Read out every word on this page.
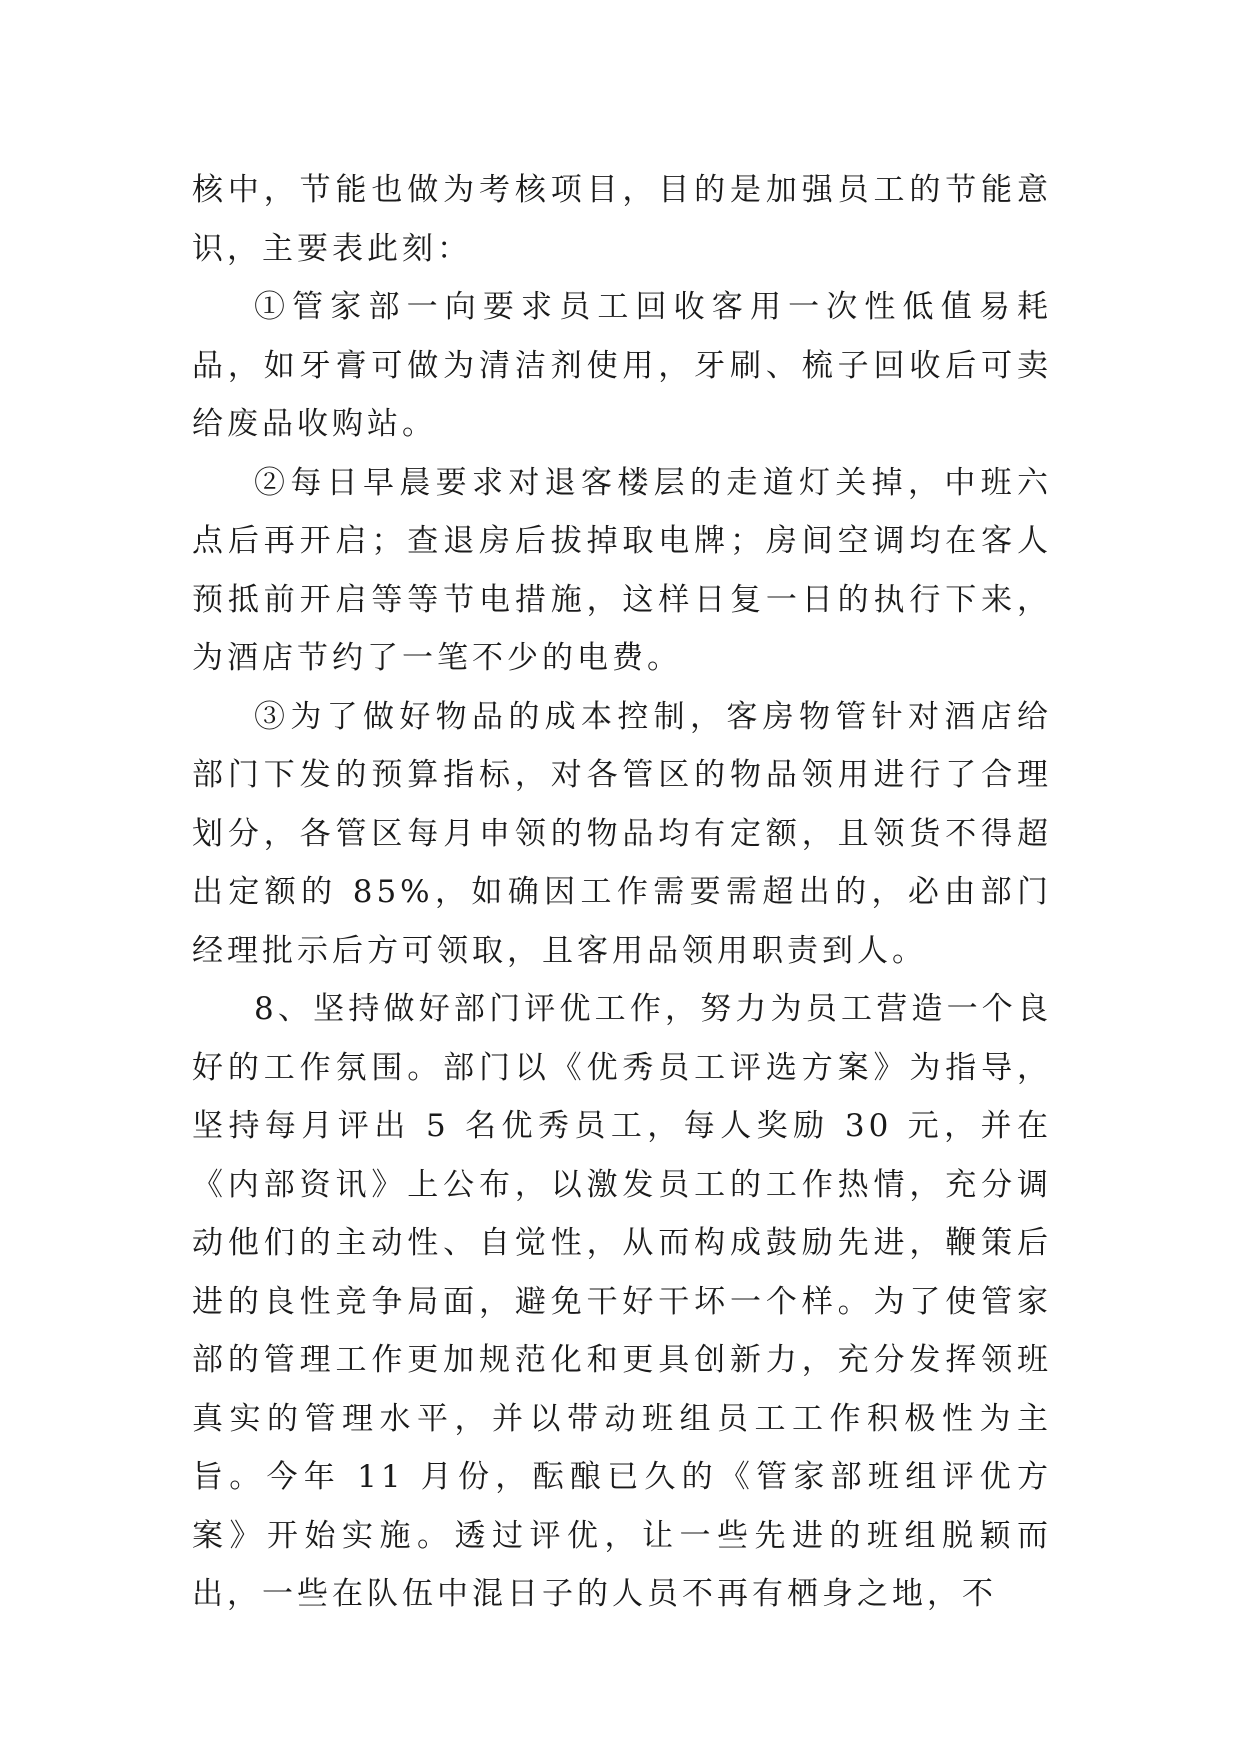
核中，节能也做为考核项目，目的是加强员工的节能意识，主要表此刻：

①管家部一向要求员工回收客用一次性低值易耗品，如牙膏可做为清洁剂使用，牙刷、梳子回收后可卖给废品收购站。

②每日早晨要求对退客楼层的走道灯关掉，中班六点后再开启；查退房后拔掉取电牌；房间空调均在客人预抵前开启等等节电措施，这样日复一日的执行下来，为酒店节约了一笔不少的电费。

③为了做好物品的成本控制，客房物管针对酒店给部门下发的预算指标，对各管区的物品领用进行了合理划分，各管区每月申领的物品均有定额，且领货不得超出定额的 85%，如确因工作需要需超出的，必由部门经理批示后方可领取，且客用品领用职责到人。

8、坚持做好部门评优工作，努力为员工营造一个良好的工作氛围。部门以《优秀员工评选方案》为指导，坚持每月评出 5 名优秀员工，每人奖励 30 元，并在《内部资讯》上公布，以激发员工的工作热情，充分调动他们的主动性、自觉性，从而构成鼓励先进，鞭策后进的良性竞争局面，避免干好干坏一个样。为了使管家部的管理工作更加规范化和更具创新力，充分发挥领班真实的管理水平，并以带动班组员工工作积极性为主旨。今年 11 月份，酝酿已久的《管家部班组评优方案》开始实施。透过评优，让一些先进的班组脱颖而出，一些在队伍中混日子的人员不再有栖身之地，不
